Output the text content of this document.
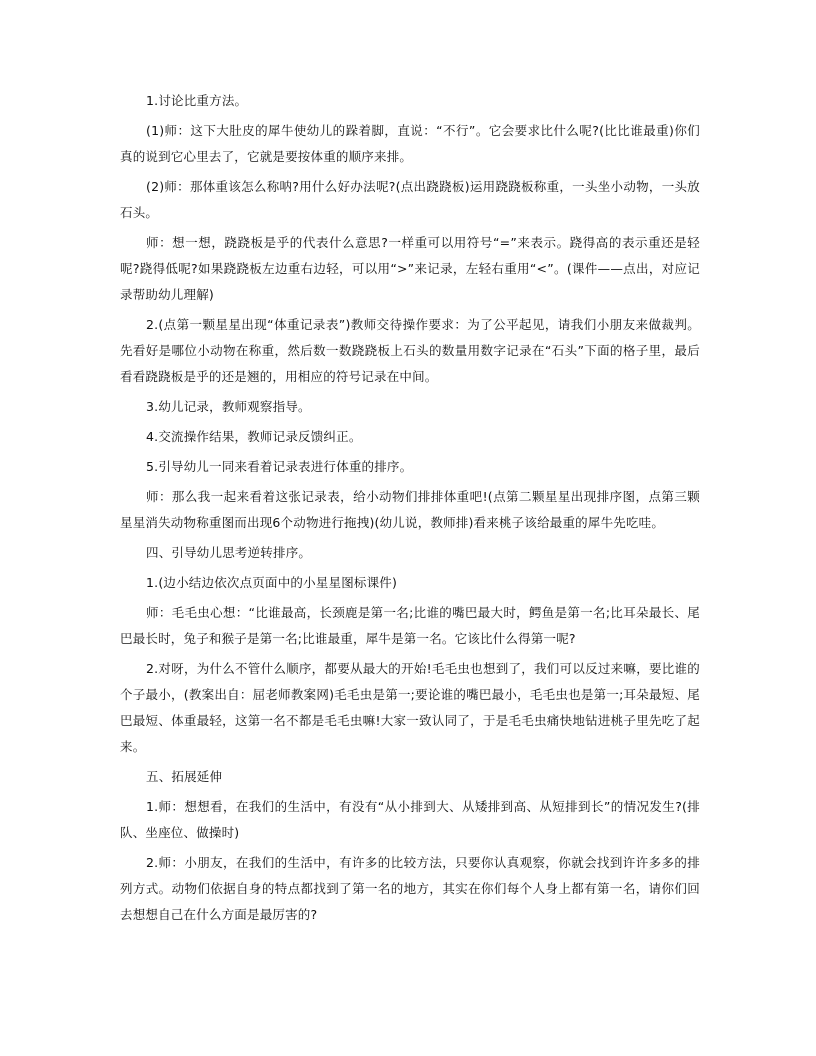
1.讨论比重方法。

(1)师：这下大肚皮的犀牛使幼儿的跺着脚，直说：“不行”。它会要求比什么呢?(比比谁最重)你们真的说到它心里去了，它就是要按体重的顺序来排。

(2)师：那体重该怎么称呐?用什么好办法呢?(点出跷跷板)运用跷跷板称重，一头坐小动物，一头放石头。

师：想一想，跷跷板是乎的代表什么意思?一样重可以用符号“=”来表示。跷得高的表示重还是轻呢?跷得低呢?如果跷跷板左边重右边轻，可以用“>”来记录，左轻右重用“<”。(课件——点出，对应记录帮助幼儿理解)

2.(点第一颗星星出现“体重记录表”)教师交待操作要求：为了公平起见，请我们小朋友来做裁判。先看好是哪位小动物在称重，然后数一数跷跷板上石头的数量用数字记录在“石头”下面的格子里，最后看看跷跷板是乎的还是翘的，用相应的符号记录在中间。

3.幼儿记录，教师观察指导。

4.交流操作结果，教师记录反馈纠正。

5.引导幼儿一同来看着记录表进行体重的排序。

师：那么我一起来看着这张记录表，给小动物们排排体重吧!(点第二颗星星出现排序图，点第三颗星星消失动物称重图而出现6个动物进行拖拽)(幼儿说，教师排)看来桃子该给最重的犀牛先吃哇。

四、引导幼儿思考逆转排序。

1.(边小结边依次点页面中的小星星图标课件)

师：毛毛虫心想：“比谁最高，长颈鹿是第一名;比谁的嘴巴最大时，鳄鱼是第一名;比耳朵最长、尾巴最长时，兔子和猴子是第一名;比谁最重，犀牛是第一名。它该比什么得第一呢?

2.对呀，为什么不管什么顺序，都要从最大的开始!毛毛虫也想到了，我们可以反过来嘛，要比谁的个子最小，(教案出自：屈老师教案网)毛毛虫是第一;要论谁的嘴巴最小，毛毛虫也是第一;耳朵最短、尾巴最短、体重最轻，这第一名不都是毛毛虫嘛!大家一致认同了，于是毛毛虫痛快地钻进桃子里先吃了起来。

五、拓展延伸

1.师：想想看，在我们的生活中，有没有“从小排到大、从矮排到高、从短排到长”的情况发生?(排队、坐座位、做操时)

2.师：小朋友，在我们的生活中，有许多的比较方法，只要你认真观察，你就会找到许许多多的排列方式。动物们依据自身的特点都找到了第一名的地方，其实在你们每个人身上都有第一名，请你们回去想想自己在什么方面是最厉害的?
